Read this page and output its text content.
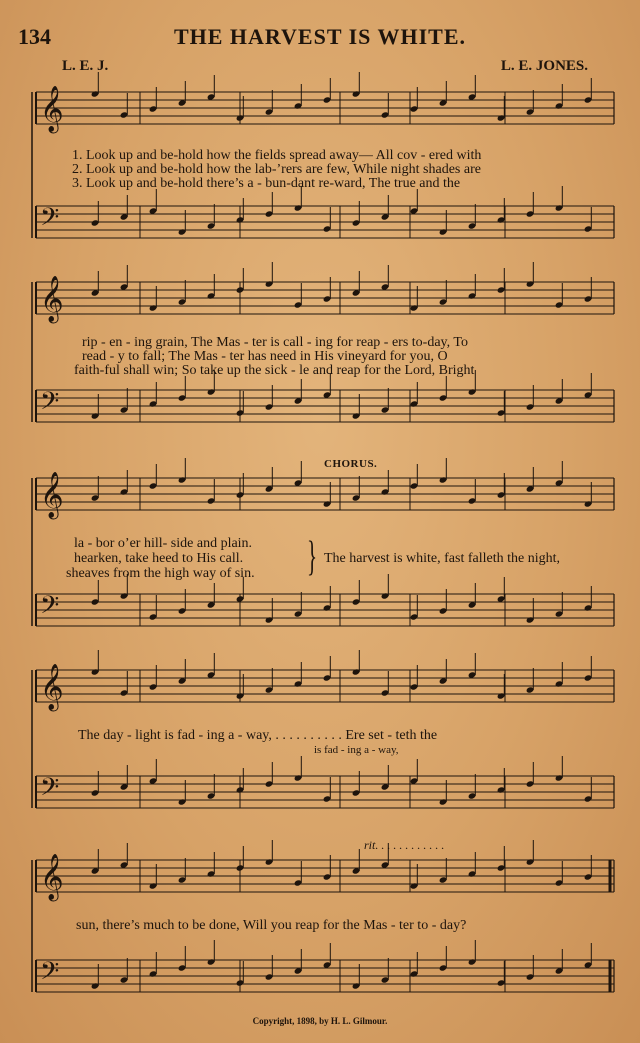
134	THE HARVEST IS WHITE.
L. E. J.	L. E. JONES.
𝄞
𝄢
𝄞
𝄢
𝄞
𝄢
𝄞
𝄢
𝄞
𝄢
1. Look up and be-hold how the fields spread away— All cov - ered with
2. Look up and be-hold how the lab-’rers are few, While night shades are
3. Look up and be-hold there’s a - bun-dant re-ward, The true and the
rip - en - ing grain, The Mas - ter is call - ing for reap - ers to-day, To
read - y to fall; The Mas - ter has need in His vineyard for you, O
faith-ful shall win; So take up the sick - le and reap for the Lord, Bright
CHORUS.
la - bor o’er hill- side and plain.
hearken, take heed to His call.
sheaves from the high way of sin. } The harvest is white, fast falleth the night,
The day - light is fad - ing a - way, . . . . . . . . . . Ere set - teth the
is fad - ing a - way,
rit. . . . . . . . . . . .
sun, there’s much to be done, Will you reap for the Mas - ter to - day?
Copyright, 1898, by H. L. Gilmour.
